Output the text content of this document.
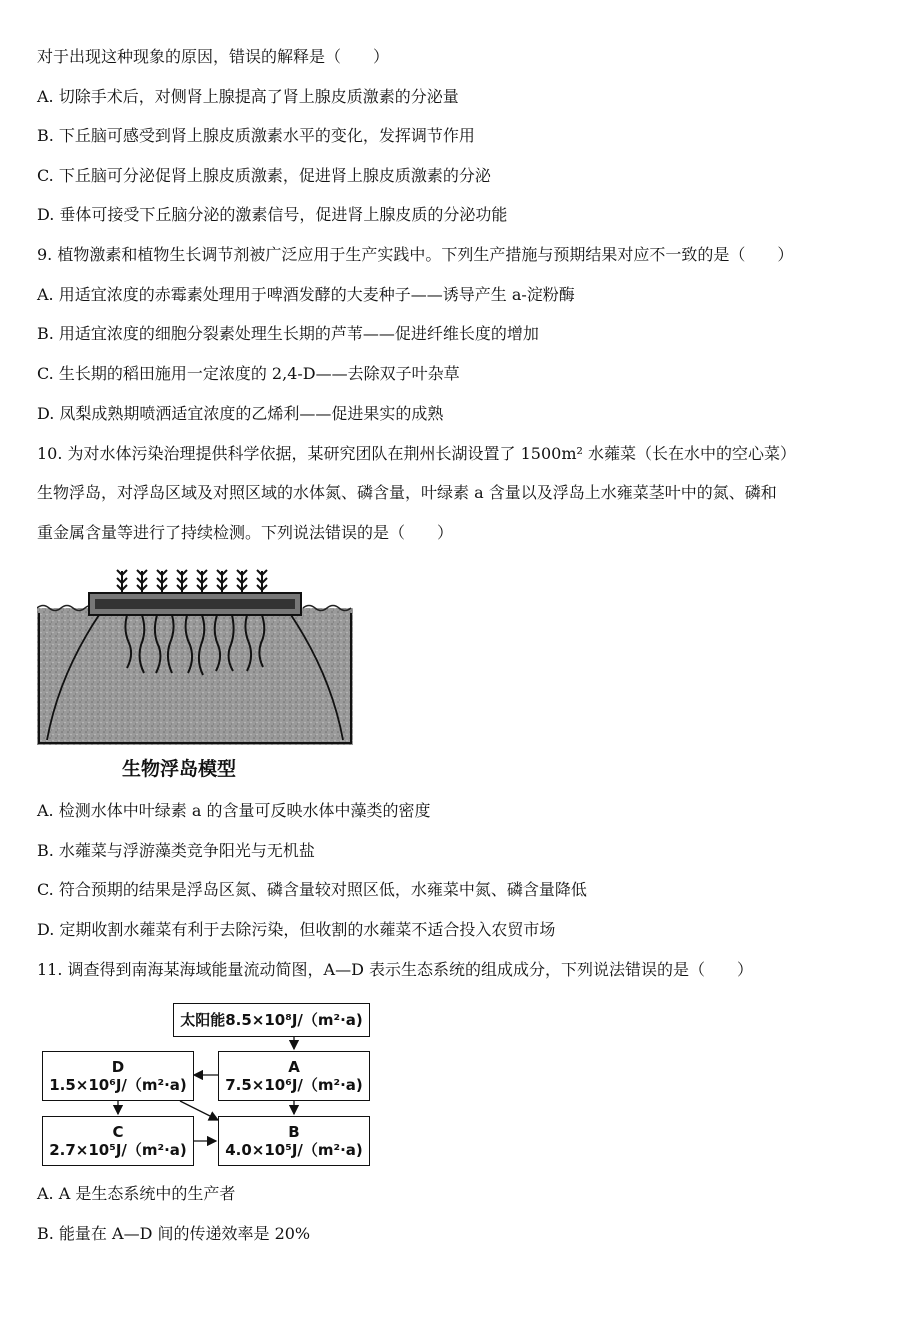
对于出现这种现象的原因，错误的解释是（　　）
A. 切除手术后，对侧肾上腺提高了肾上腺皮质激素的分泌量
B. 下丘脑可感受到肾上腺皮质激素水平的变化，发挥调节作用
C. 下丘脑可分泌促肾上腺皮质激素，促进肾上腺皮质激素的分泌
D. 垂体可接受下丘脑分泌的激素信号，促进肾上腺皮质的分泌功能
9. 植物激素和植物生长调节剂被广泛应用于生产实践中。下列生产措施与预期结果对应不一致的是（　　）
A. 用适宜浓度的赤霉素处理用于啤酒发酵的大麦种子——诱导产生 a-淀粉酶
B. 用适宜浓度的细胞分裂素处理生长期的芦苇——促进纤维长度的增加
C. 生长期的稻田施用一定浓度的 2,4-D——去除双子叶杂草
D. 凤梨成熟期喷洒适宜浓度的乙烯利——促进果实的成熟
10. 为对水体污染治理提供科学依据，某研究团队在荆州长湖设置了 1500m² 水蕹菜（长在水中的空心菜）
生物浮岛，对浮岛区域及对照区域的水体氮、磷含量，叶绿素 a 含量以及浮岛上水雍菜茎叶中的氮、磷和
重金属含量等进行了持续检测。下列说法错误的是（　　）
生物浮岛模型
A. 检测水体中叶绿素 a 的含量可反映水体中藻类的密度
B. 水蕹菜与浮游藻类竞争阳光与无机盐
C. 符合预期的结果是浮岛区氮、磷含量较对照区低，水雍菜中氮、磷含量降低
D. 定期收割水蕹菜有利于去除污染，但收割的水蕹菜不适合投入农贸市场
11. 调查得到南海某海域能量流动简图，A—D 表示生态系统的组成成分，下列说法错误的是（　　）
太阳能8.5×10⁸J/（m²·a)
A
7.5×10⁶J/（m²·a)
D
1.5×10⁶J/（m²·a)
C
2.7×10⁵J/（m²·a)
B
4.0×10⁵J/（m²·a)
A. A 是生态系统中的生产者
B. 能量在 A—D 间的传递效率是 20%
